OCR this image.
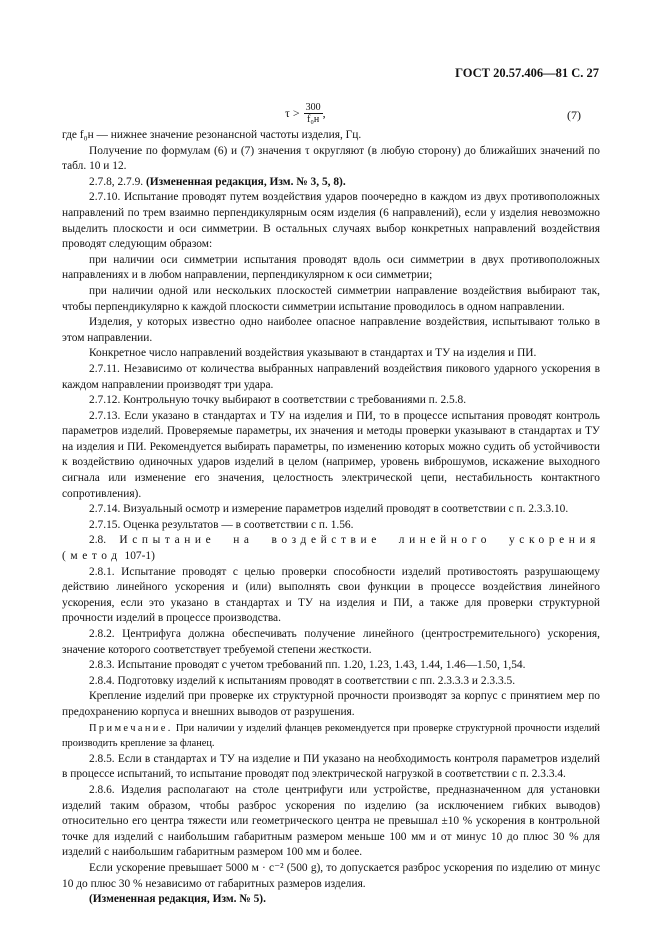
ГОСТ 20.57.406—81 С. 27
$\tau > \frac{300}{\text{f₀н}}$ ,	(7)

где f₀н — нижнее значение резонансной частоты изделия, Гц.

Получение по формулам (6) и (7) значения τ округляют (в любую сторону) до ближайших значений по табл. 10 и 12.

2.7.8, 2.7.9. (Измененная редакция, Изм. № 3, 5, 8).

2.7.10. Испытание проводят путем воздействия ударов поочередно в каждом из двух противоположных направлений по трем взаимно перпендикулярным осям изделия (6 направлений), если у изделия невозможно выделить плоскости и оси симметрии. В остальных случаях выбор конкретных направлений воздействия проводят следующим образом:

при наличии оси симметрии испытания проводят вдоль оси симметрии в двух противоположных направлениях и в любом направлении, перпендикулярном к оси симметрии;

при наличии одной или нескольких плоскостей симметрии направление воздействия выбирают так, чтобы перпендикулярно к каждой плоскости симметрии испытание проводилось в одном направлении.

Изделия, у которых известно одно наиболее опасное направление воздействия, испытывают только в этом направлении.

Конкретное число направлений воздействия указывают в стандартах и ТУ на изделия и ПИ.

2.7.11. Независимо от количества выбранных направлений воздействия пикового ударного ускорения в каждом направлении производят три удара.

2.7.12. Контрольную точку выбирают в соответствии с требованиями п. 2.5.8.

2.7.13. Если указано в стандартах и ТУ на изделия и ПИ, то в процессе испытания проводят контроль параметров изделий. Проверяемые параметры, их значения и методы проверки указывают в стандартах и ТУ на изделия и ПИ. Рекомендуется выбирать параметры, по изменению которых можно судить об устойчивости к воздействию одиночных ударов изделий в целом (например, уровень виброшумов, искажение выходного сигнала или изменение его значения, целостность электрической цепи, нестабильность контактного сопротивления).

2.7.14. Визуальный осмотр и измерение параметров изделий проводят в соответствии с п. 2.3.3.10.

2.7.15. Оценка результатов — в соответствии с п. 1.56.

2.8. Испытание на воздействие линейного ускорения (метод 107-1)

2.8.1. Испытание проводят с целью проверки способности изделий противостоять разрушающему действию линейного ускорения и (или) выполнять свои функции в процессе воздействия линейного ускорения, если это указано в стандартах и ТУ на изделия и ПИ, а также для проверки структурной прочности изделий в процессе производства.

2.8.2. Центрифуга должна обеспечивать получение линейного (центростремительного) ускорения, значение которого соответствует требуемой степени жесткости.

2.8.3. Испытание проводят с учетом требований пп. 1.20, 1.23, 1.43, 1.44, 1.46—1.50, 1,54.

2.8.4. Подготовку изделий к испытаниям проводят в соответствии с пп. 2.3.3.3 и 2.3.3.5.

Крепление изделий при проверке их структурной прочности производят за корпус с принятием мер по предохранению корпуса и внешних выводов от разрушения.

Примечание. При наличии у изделий фланцев рекомендуется при проверке структурной прочности изделий производить крепление за фланец.

2.8.5. Если в стандартах и ТУ на изделие и ПИ указано на необходимость контроля параметров изделий в процессе испытаний, то испытание проводят под электрической нагрузкой в соответствии с п. 2.3.3.4.

2.8.6. Изделия располагают на столе центрифуги или устройстве, предназначенном для установки изделий таким образом, чтобы разброс ускорения по изделию (за исключением гибких выводов) относительно его центра тяжести или геометрического центра не превышал ±10 % ускорения в контрольной точке для изделий с наибольшим габаритным размером меньше 100 мм и от минус 10 до плюс 30 % для изделий с наибольшим габаритным размером 100 мм и более.

Если ускорение превышает 5000 м · с⁻² (500 g), то допускается разброс ускорения по изделию от минус 10 до плюс 30 % независимо от габаритных размеров изделия.

(Измененная редакция, Изм. № 5).
